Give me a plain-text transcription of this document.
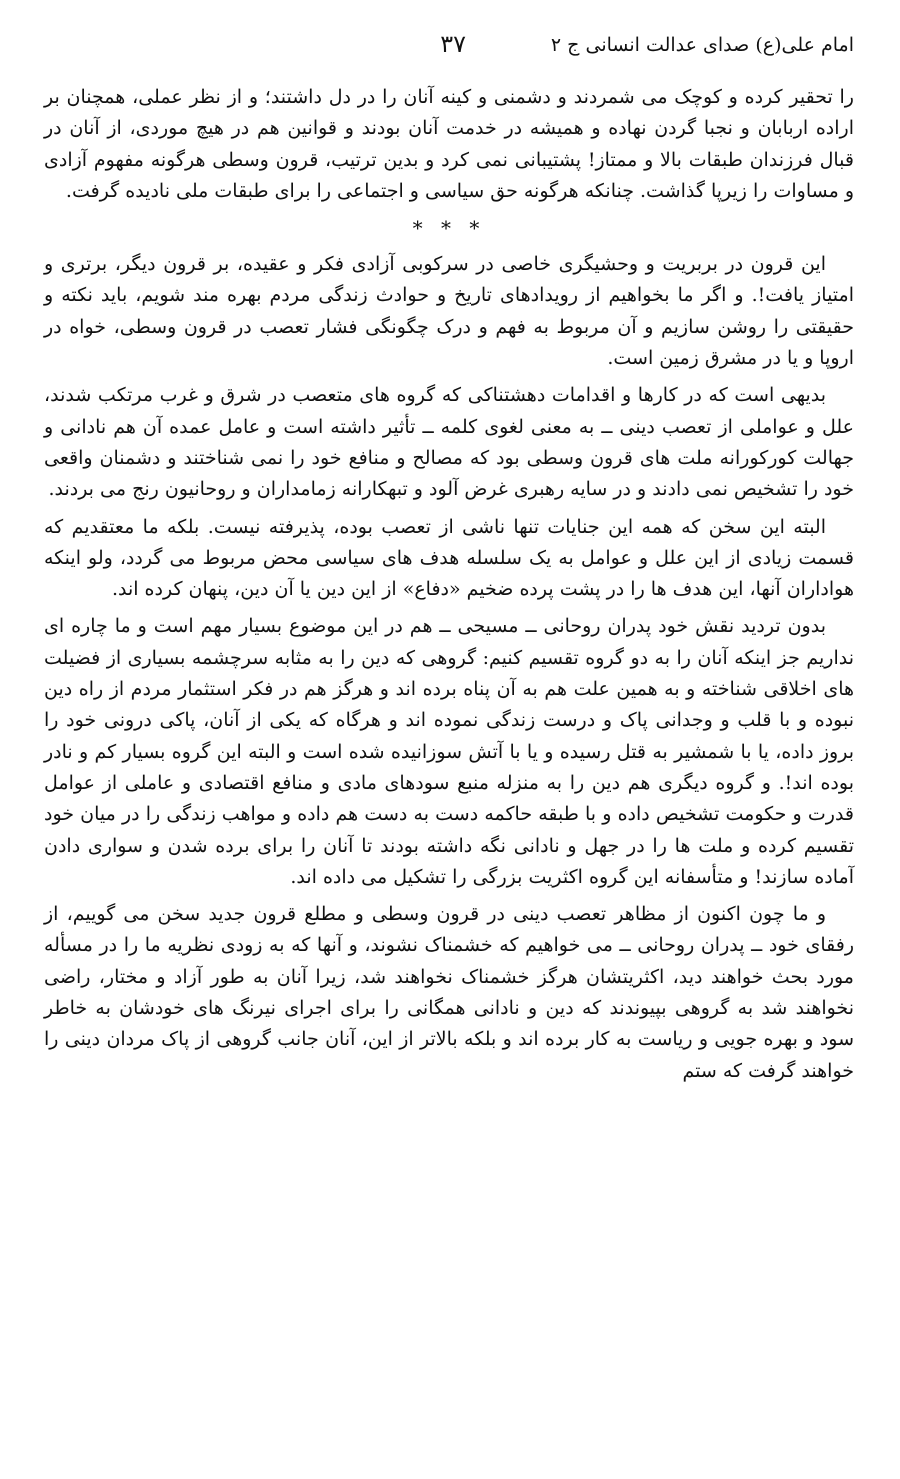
امام علی(ع) صدای عدالت انسانی ج ۲
۳۷

را تحقیر کرده و کوچک می شمردند و دشمنی و کینه آنان را در دل داشتند؛ و از نظر عملی، همچنان بر اراده اربابان و نجبا گردن نهاده و همیشه در خدمت آنان بودند و قوانین هم در هیچ موردی، از آنان در قبال فرزندان طبقات بالا و ممتاز! پشتیبانی نمی کرد و بدین ترتیب، قرون وسطی هرگونه مفهوم آزادی و مساوات را زیرپا گذاشت. چنانکه هرگونه حق سیاسی و اجتماعی را برای طبقات ملی نادیده گرفت.

* * *

این قرون در بربریت و وحشیگری خاصی در سرکوبی آزادی فکر و عقیده، بر قرون دیگر، برتری و امتیاز یافت!. و اگر ما بخواهیم از رویدادهای تاریخ و حوادث زندگی مردم بهره مند شویم، باید نکته و حقیقتی را روشن سازیم و آن مربوط به فهم و درک چگونگی فشار تعصب در قرون وسطی، خواه در اروپا و یا در مشرق زمین است.

بدیهی است که در کارها و اقدامات دهشتناکی که گروه های متعصب در شرق و غرب مرتکب شدند، علل و عواملی از تعصب دینی ــ به معنی لغوی کلمه ــ تأثیر داشته است و عامل عمده آن هم نادانی و جهالت کورکورانه ملت های قرون وسطی بود که مصالح و منافع خود را نمی شناختند و دشمنان واقعی خود را تشخیص نمی دادند و در سایه رهبری غرض آلود و تبهکارانه زمامداران و روحانیون رنج می بردند.

البته این سخن که همه این جنایات تنها ناشی از تعصب بوده، پذیرفته نیست. بلکه ما معتقدیم که قسمت زیادی از این علل و عوامل به یک سلسله هدف های سیاسی محض مربوط می گردد، ولو اینکه هواداران آنها، این هدف ها را در پشت پرده ضخیم «دفاع» از این دین یا آن دین، پنهان کرده اند.

بدون تردید نقش خود پدران روحانی ــ مسیحی ــ هم در این موضوع بسیار مهم است و ما چاره ای نداریم جز اینکه آنان را به دو گروه تقسیم کنیم: گروهی که دین را به مثابه سرچشمه بسیاری از فضیلت های اخلاقی شناخته و به همین علت هم به آن پناه برده اند و هرگز هم در فکر استثمار مردم از راه دین نبوده و با قلب و وجدانی پاک و درست زندگی نموده اند و هرگاه که یکی از آنان، پاکی درونی خود را بروز داده، یا با شمشیر به قتل رسیده و یا با آتش سوزانیده شده است و البته این گروه بسیار کم و نادر بوده اند!. و گروه دیگری هم دین را به منزله منبع سودهای مادی و منافع اقتصادی و عاملی از عوامل قدرت و حکومت تشخیص داده و با طبقه حاکمه دست به دست هم داده و مواهب زندگی را در میان خود تقسیم کرده و ملت ها را در جهل و نادانی نگه داشته بودند تا آنان را برای برده شدن و سواری دادن آماده سازند! و متأسفانه این گروه اکثریت بزرگی را تشکیل می داده اند.

و ما چون اکنون از مظاهر تعصب دینی در قرون وسطی و مطلع قرون جدید سخن می گوییم، از رفقای خود ــ پدران روحانی ــ می خواهیم که خشمناک نشوند، و آنها که به زودی نظریه ما را در مسأله مورد بحث خواهند دید، اکثریتشان هرگز خشمناک نخواهند شد، زیرا آنان به طور آزاد و مختار، راضی نخواهند شد به گروهی بپیوندند که دین و نادانی همگانی را برای اجرای نیرنگ های خودشان به خاطر سود و بهره جویی و ریاست به کار برده اند و بلکه بالاتر از این، آنان جانب گروهی از پاک مردان دینی را خواهند گرفت که ستم
